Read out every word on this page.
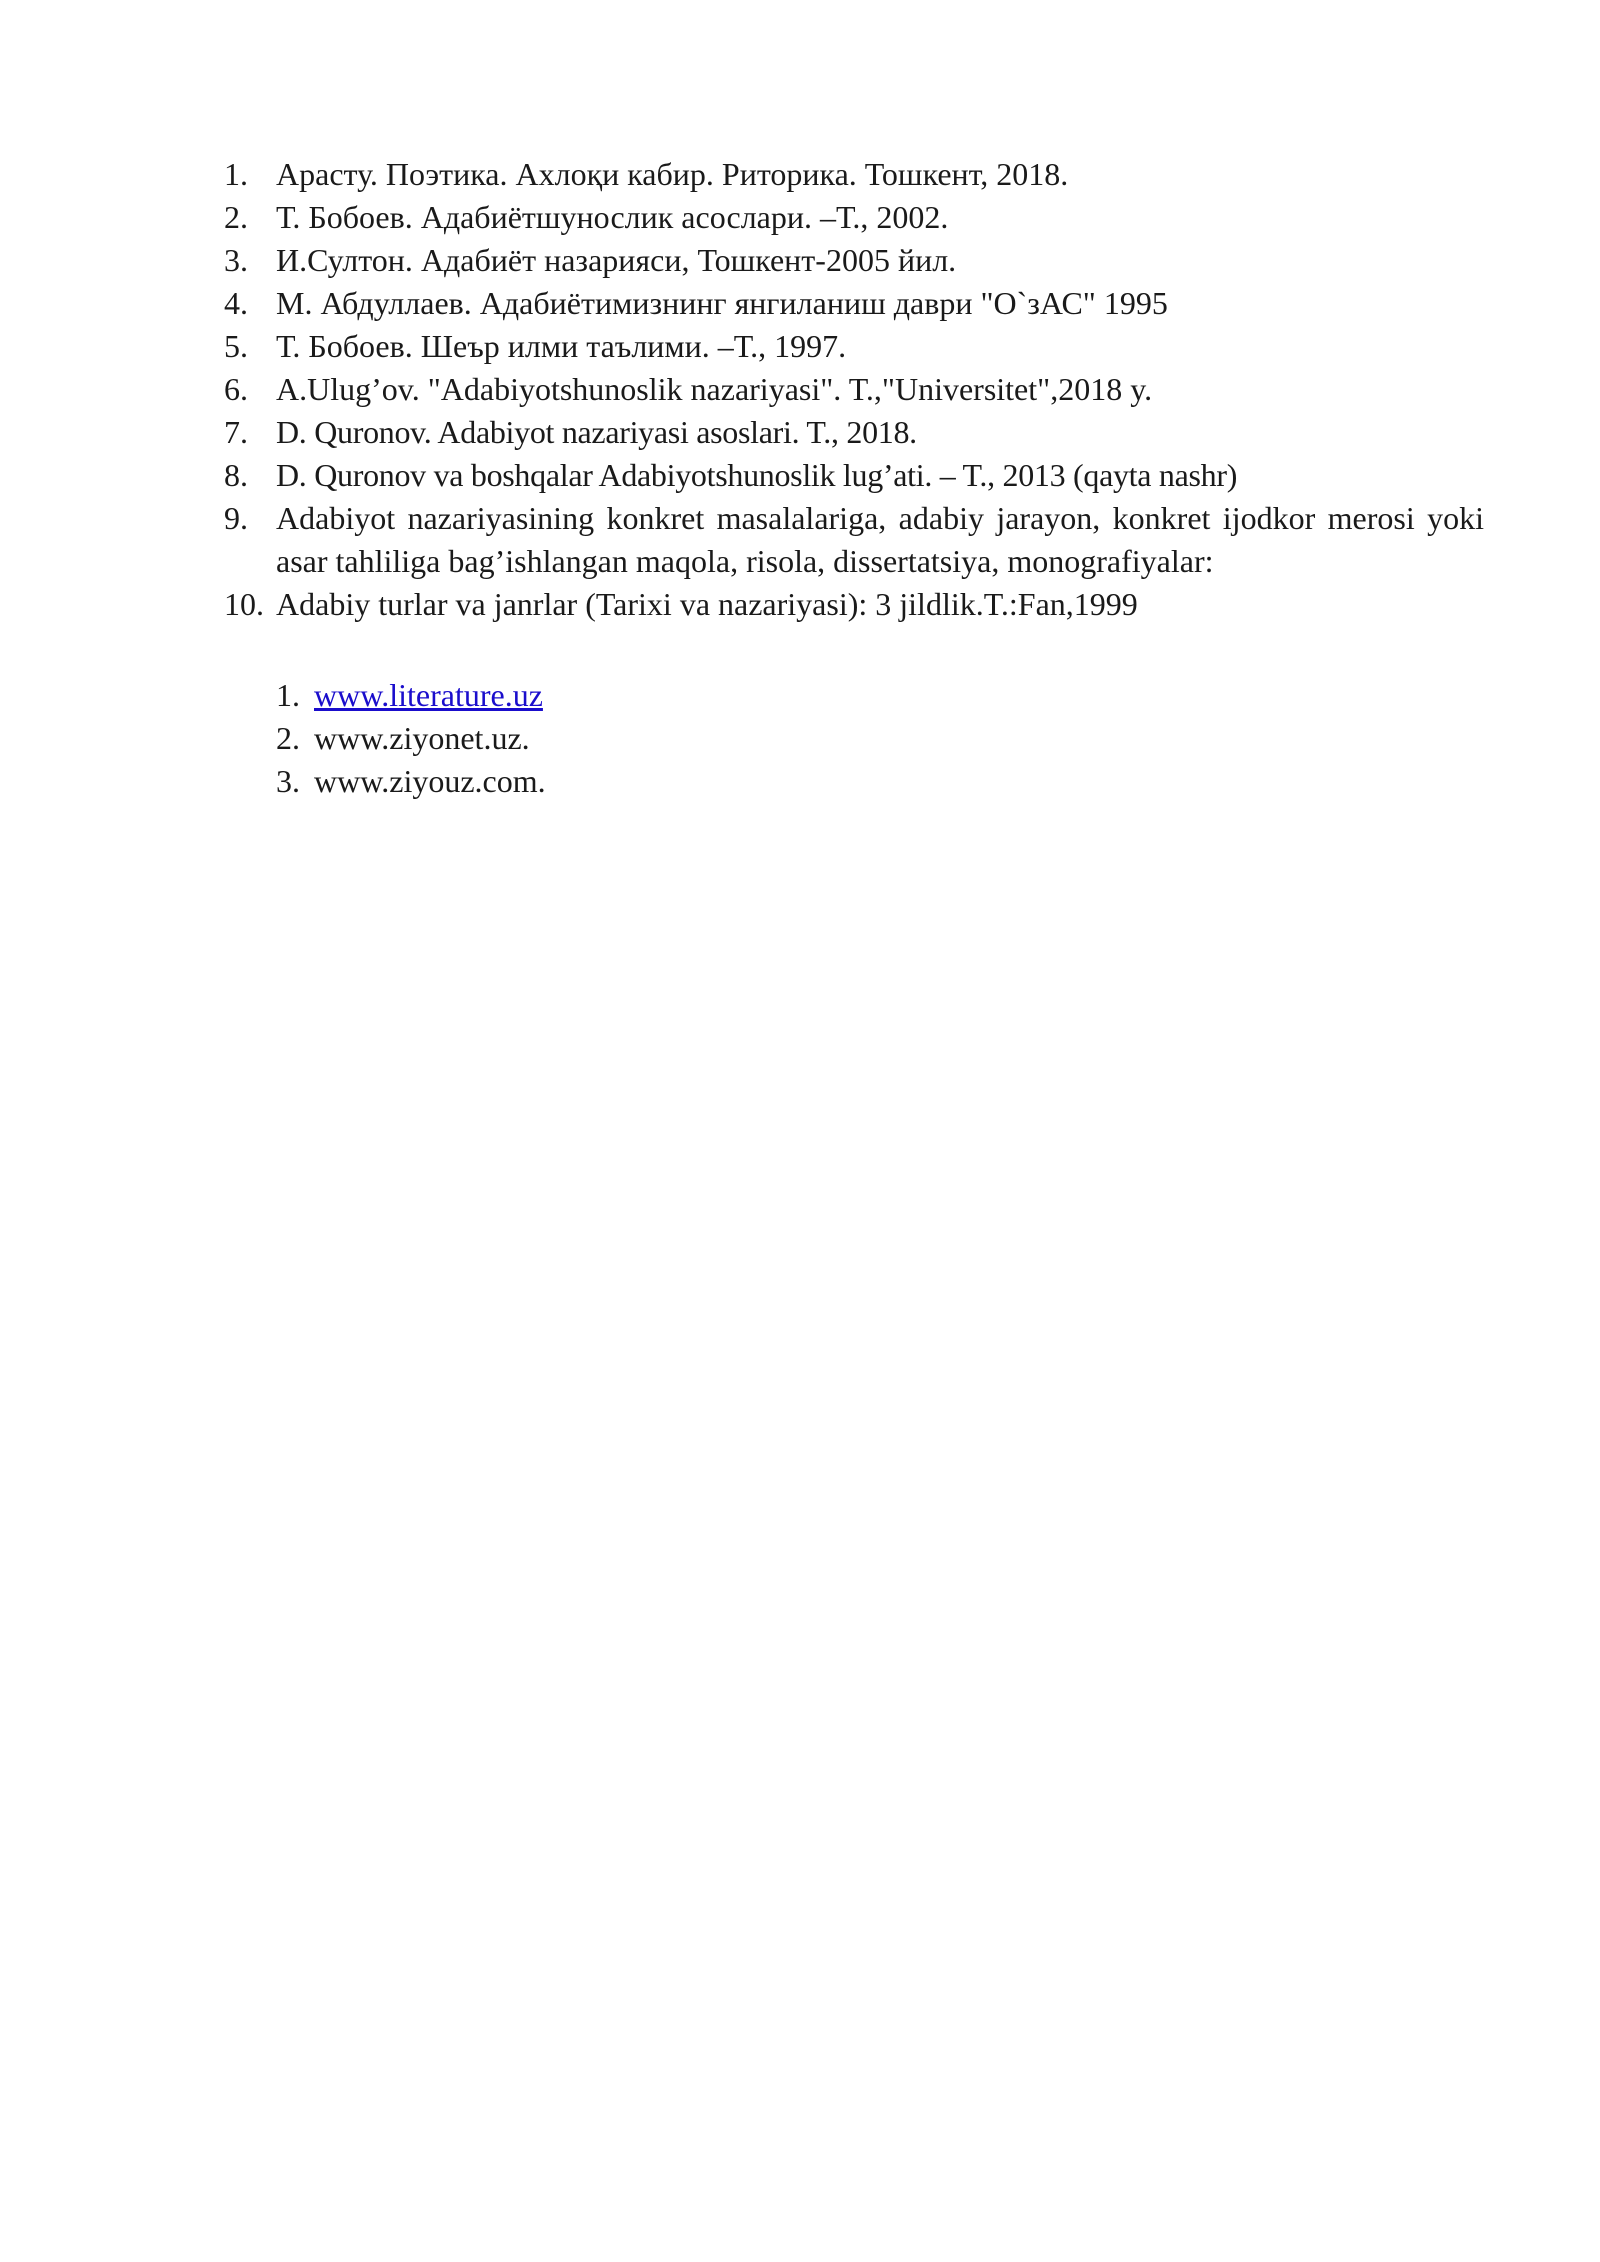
1. Арасту. Поэтика. Ахлоқи кабир. Риторика. Тошкент, 2018.
2. Т. Бобоев. Адабиётшунослик асослари. –Т., 2002.
3. И.Султон. Адабиёт назарияси, Тошкент-2005 йил.
4. М. Абдуллаев. Адабиётимизнинг янгиланиш даври "О`зАС" 1995
5. Т. Бобоев. Шеър илми таълими. –Т., 1997.
6. A.Ulug’ov. "Adabiyotshunoslik nazariyasi". T.,"Universitet",2018 y.
7. D. Quronov. Adabiyot nazariyasi asoslari. T., 2018.
8. D. Quronov va boshqalar Adabiyotshunoslik lug’ati. – T., 2013 (qayta nashr)
9. Adabiyot nazariyasining konkret masalalariga, adabiy jarayon, konkret ijodkor merosi yoki asar tahliliga bag’ishlangan maqola, risola, dissertatsiya, monografiyalar:
10. Adabiy turlar va janrlar (Tarixi va nazariyasi): 3 jildlik.T.:Fan,1999
1. www.literature.uz
2. www.ziyonet.uz.
3. www.ziyouz.com.
